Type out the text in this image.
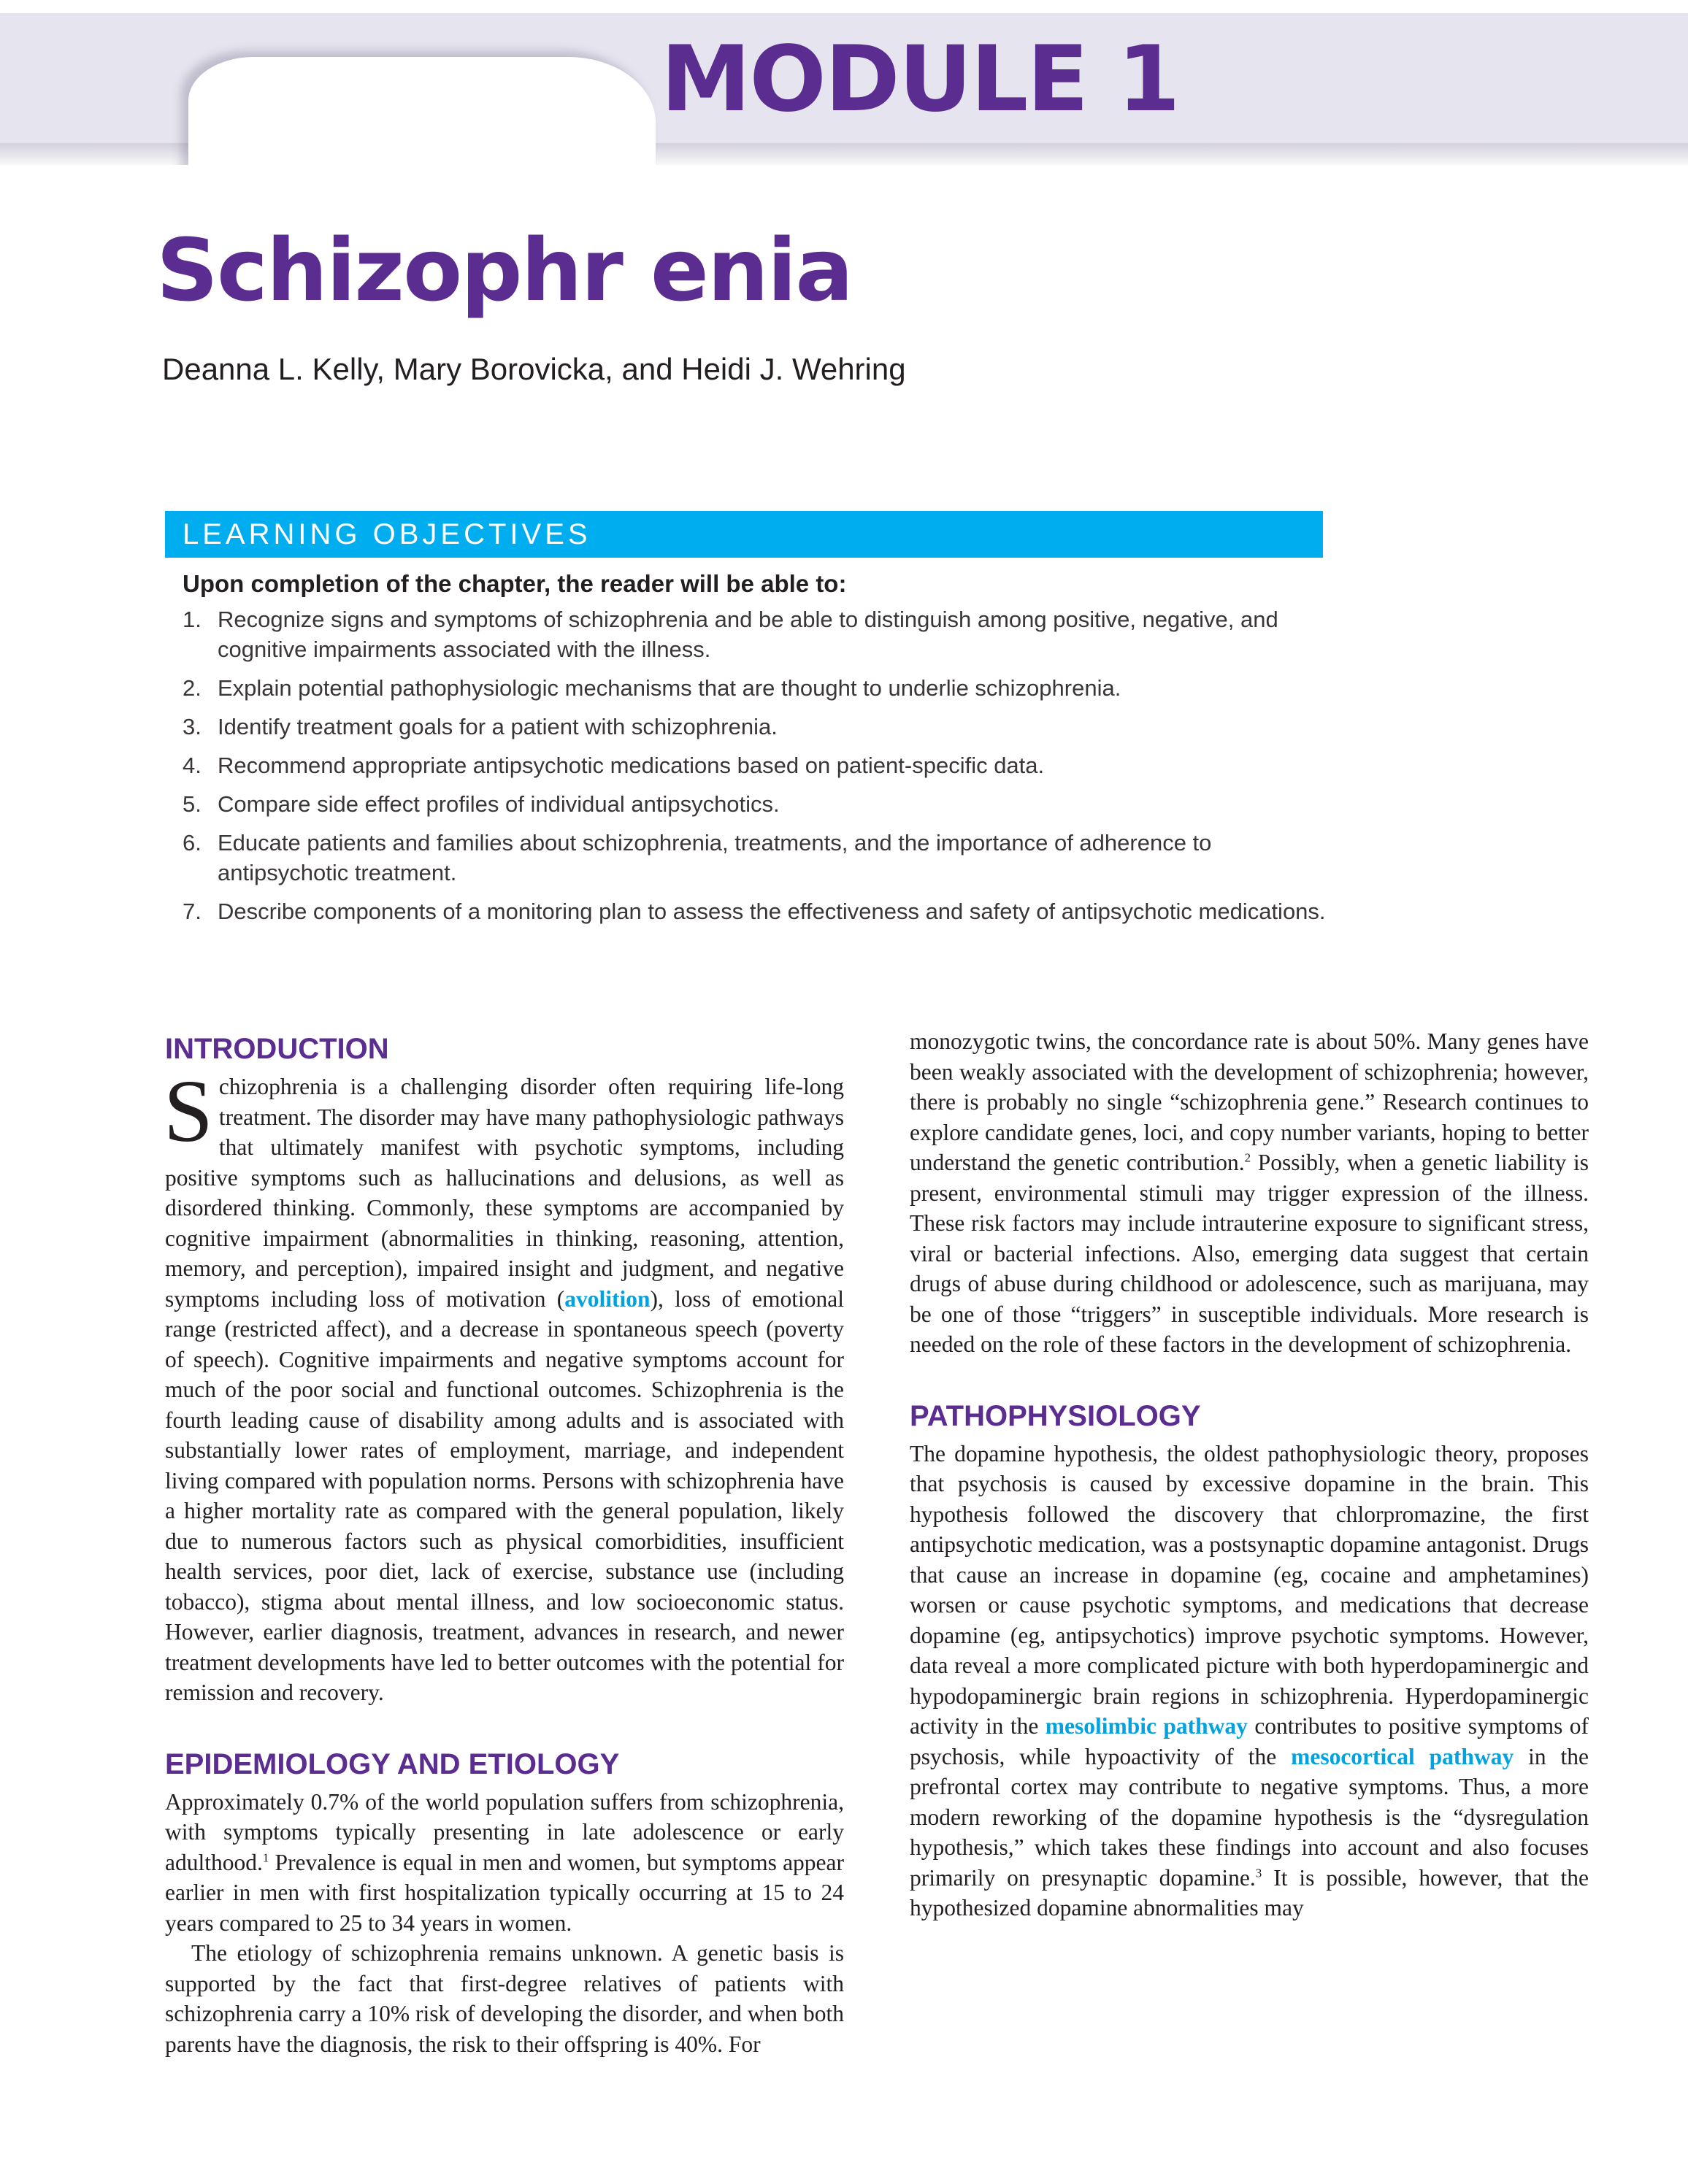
MODULE 1
Schizophr enia

Deanna L. Kelly, Mary Borovicka, and Heidi J. Wehring

LEARNING OBJECTIVES

Upon completion of the chapter, the reader will be able to:

1. Recognize signs and symptoms of schizophrenia and be able to distinguish among positive, negative, and cognitive impairments associated with the illness.
2. Explain potential pathophysiologic mechanisms that are thought to underlie schizophrenia.
3. Identify treatment goals for a patient with schizophrenia.
4. Recommend appropriate antipsychotic medications based on patient-specific data.
5. Compare side effect profiles of individual antipsychotics.
6. Educate patients and families about schizophrenia, treatments, and the importance of adherence to antipsychotic treatment.
7. Describe components of a monitoring plan to assess the effectiveness and safety of antipsychotic medications.
INTRODUCTION

Schizophrenia is a challenging disorder often requiring life-long treatment. The disorder may have many pathophysiologic pathways that ultimately manifest with psychotic symptoms, including positive symptoms such as hallucinations and delusions, as well as disordered thinking. Commonly, these symptoms are accompanied by cognitive impairment (abnormalities in thinking, reasoning, attention, memory, and perception), impaired insight and judgment, and negative symptoms including loss of motivation (avolition), loss of emotional range (restricted affect), and a decrease in spontaneous speech (poverty of speech). Cognitive impairments and negative symptoms account for much of the poor social and functional outcomes. Schizophrenia is the fourth leading cause of disability among adults and is associated with substantially lower rates of employment, marriage, and independent living compared with population norms. Persons with schizophrenia have a higher mortality rate as compared with the general population, likely due to numerous factors such as physical comorbidities, insufficient health services, poor diet, lack of exercise, substance use (including tobacco), stigma about mental illness, and low socioeconomic status. However, earlier diagnosis, treatment, advances in research, and newer treatment developments have led to better outcomes with the potential for remission and recovery.

EPIDEMIOLOGY AND ETIOLOGY

Approximately 0.7% of the world population suffers from schizophrenia, with symptoms typically presenting in late adolescence or early adulthood.$^1$ Prevalence is equal in men and women, but symptoms appear earlier in men with first hospitalization typically occurring at 15 to 24 years compared to 25 to 34 years in women.

The etiology of schizophrenia remains unknown. A genetic basis is supported by the fact that first-degree relatives of patients with schizophrenia carry a 10% risk of developing the disorder, and when both parents have the diagnosis, the risk to their offspring is 40%. For

monozygotic twins, the concordance rate is about 50%. Many genes have been weakly associated with the development of schizophrenia; however, there is probably no single “schizophrenia gene.” Research continues to explore candidate genes, loci, and copy number variants, hoping to better understand the genetic contribution.$^2$ Possibly, when a genetic liability is present, environmental stimuli may trigger expression of the illness. These risk factors may include intrauterine exposure to significant stress, viral or bacterial infections. Also, emerging data suggest that certain drugs of abuse during childhood or adolescence, such as marijuana, may be one of those “triggers” in susceptible individuals. More research is needed on the role of these factors in the development of schizophrenia.

PATHOPHYSIOLOGY

The dopamine hypothesis, the oldest pathophysiologic theory, proposes that psychosis is caused by excessive dopamine in the brain. This hypothesis followed the discovery that chlorpromazine, the first antipsychotic medication, was a postsynaptic dopamine antagonist. Drugs that cause an increase in dopamine (eg, cocaine and amphetamines) worsen or cause psychotic symptoms, and medications that decrease dopamine (eg, antipsychotics) improve psychotic symptoms. However, data reveal a more complicated picture with both hyperdopaminergic and hypodopaminergic brain regions in schizophrenia. Hyperdopaminergic activity in the mesolimbic pathway contributes to positive symptoms of psychosis, while hypoactivity of the mesocortical pathway in the prefrontal cortex may contribute to negative symptoms. Thus, a more modern reworking of the dopamine hypothesis is the “dysregulation hypothesis,” which takes these findings into account and also focuses primarily on presynaptic dopamine.$^3$ It is possible, however, that the hypothesized dopamine abnormalities may
